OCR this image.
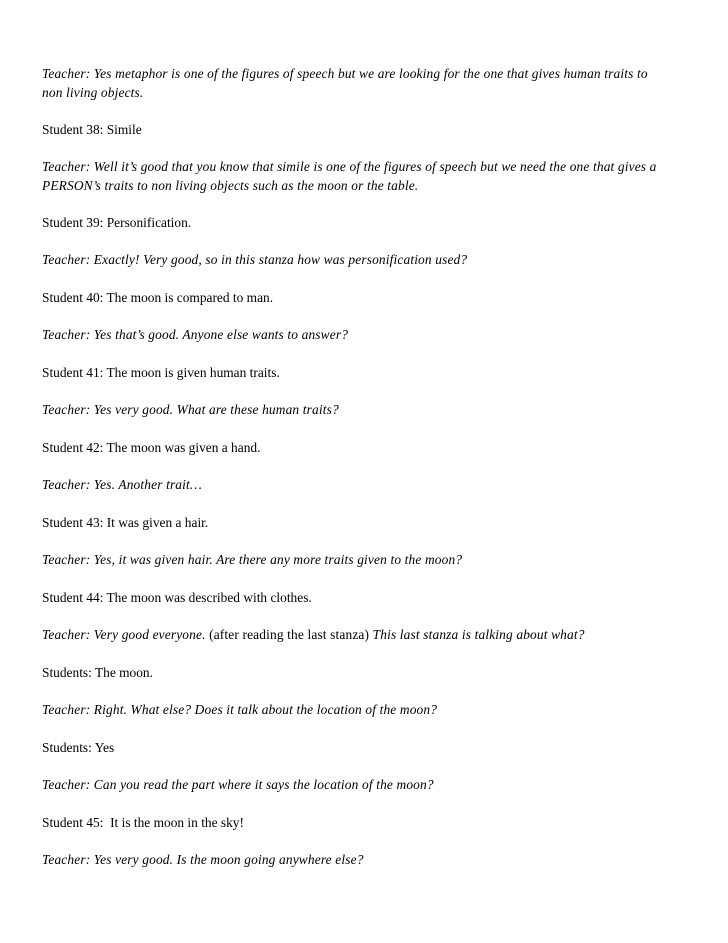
Teacher: Yes metaphor is one of the figures of speech but we are looking for the one that gives human traits to
non living objects.
Student 38: Simile
Teacher: Well it’s good that you know that simile is one of the figures of speech but we need the one that gives a
PERSON’s traits to non living objects such as the moon or the table.
Student 39: Personification.
Teacher: Exactly! Very good, so in this stanza how was personification used?
Student 40: The moon is compared to man.
Teacher: Yes that’s good. Anyone else wants to answer?
Student 41: The moon is given human traits.
Teacher: Yes very good. What are these human traits?
Student 42: The moon was given a hand.
Teacher: Yes. Another trait…
Student 43: It was given a hair.
Teacher: Yes, it was given hair. Are there any more traits given to the moon?
Student 44: The moon was described with clothes.
Teacher: Very good everyone. (after reading the last stanza) This last stanza is talking about what?
Students: The moon.
Teacher: Right. What else? Does it talk about the location of the moon?
Students: Yes
Teacher: Can you read the part where it says the location of the moon?
Student 45:  It is the moon in the sky!
Teacher: Yes very good. Is the moon going anywhere else?
